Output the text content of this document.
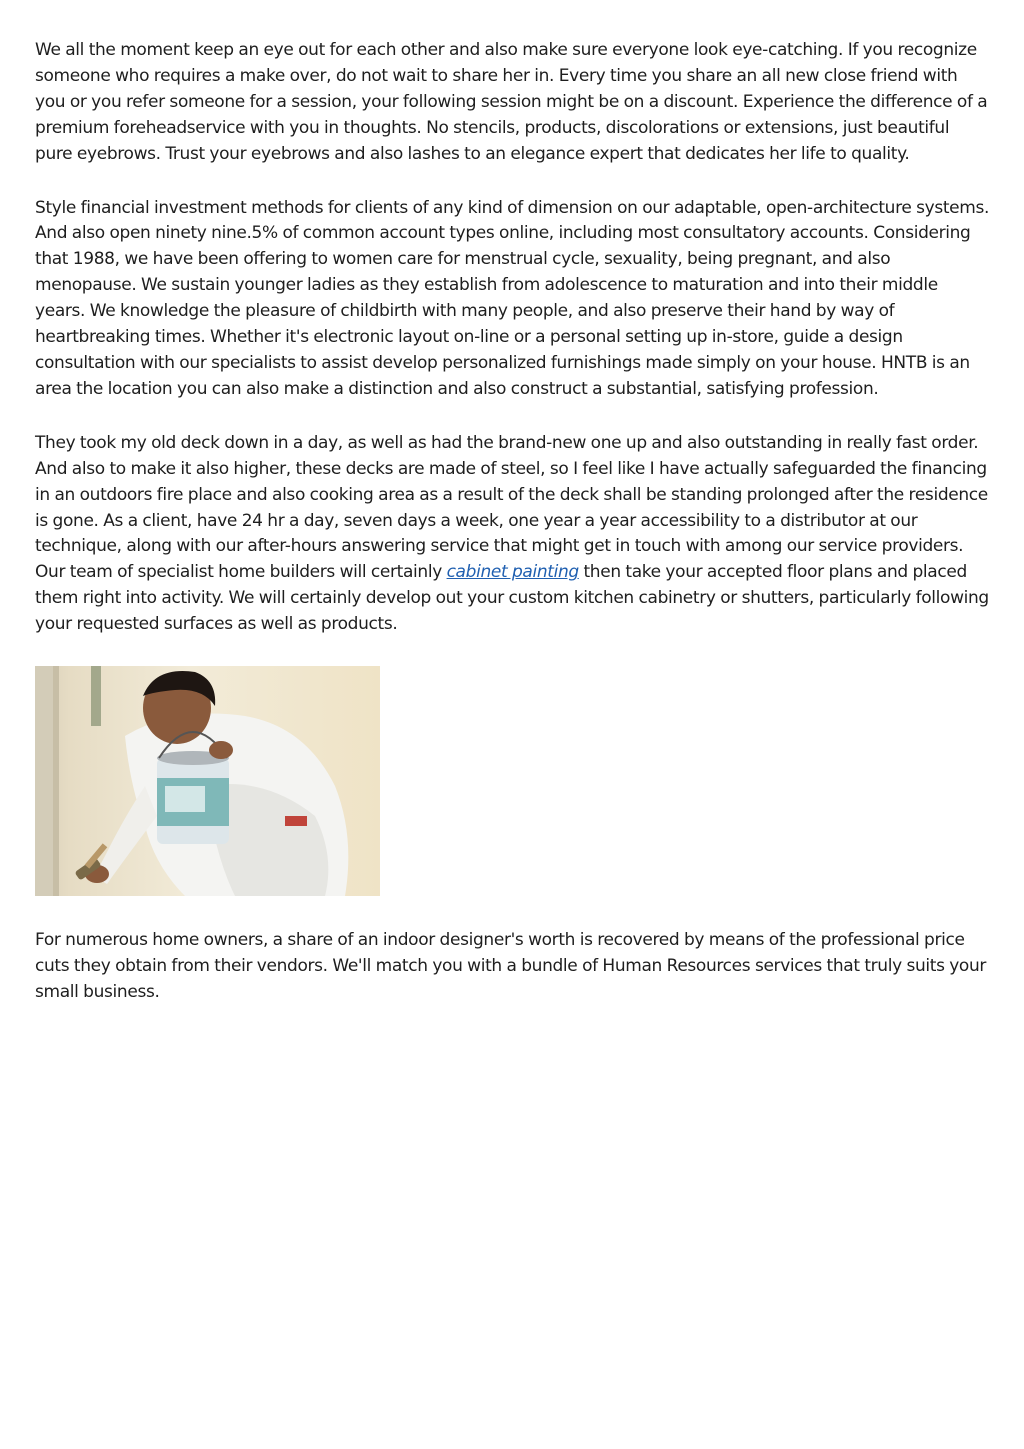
We all the moment keep an eye out for each other and also make sure everyone look eye-catching. If you recognize someone who requires a make over, do not wait to share her in. Every time you share an all new close friend with you or you refer someone for a session, your following session might be on a discount. Experience the difference of a premium foreheadservice with you in thoughts. No stencils, products, discolorations or extensions, just beautiful pure eyebrows. Trust your eyebrows and also lashes to an elegance expert that dedicates her life to quality.

Style financial investment methods for clients of any kind of dimension on our adaptable, open-architecture systems. And also open ninety nine.5% of common account types online, including most consultatory accounts. Considering that 1988, we have been offering to women care for menstrual cycle, sexuality, being pregnant, and also menopause. We sustain younger ladies as they establish from adolescence to maturation and into their middle years. We knowledge the pleasure of childbirth with many people, and also preserve their hand by way of heartbreaking times. Whether it's electronic layout on-line or a personal setting up in-store, guide a design consultation with our specialists to assist develop personalized furnishings made simply on your house. HNTB is an area the location you can also make a distinction and also construct a substantial, satisfying profession.

They took my old deck down in a day, as well as had the brand-new one up and also outstanding in really fast order. And also to make it also higher, these decks are made of steel, so I feel like I have actually safeguarded the financing in an outdoors fire place and also cooking area as a result of the deck shall be standing prolonged after the residence is gone. As a client, have 24 hr a day, seven days a week, one year a year accessibility to a distributor at our technique, along with our after-hours answering service that might get in touch with among our service providers. Our team of specialist home builders will certainly cabinet painting then take your accepted floor plans and placed them right into activity. We will certainly develop out your custom kitchen cabinetry or shutters, particularly following your requested surfaces as well as products.

For numerous home owners, a share of an indoor designer's worth is recovered by means of the professional price cuts they obtain from their vendors. We'll match you with a bundle of Human Resources services that truly suits your small business.
